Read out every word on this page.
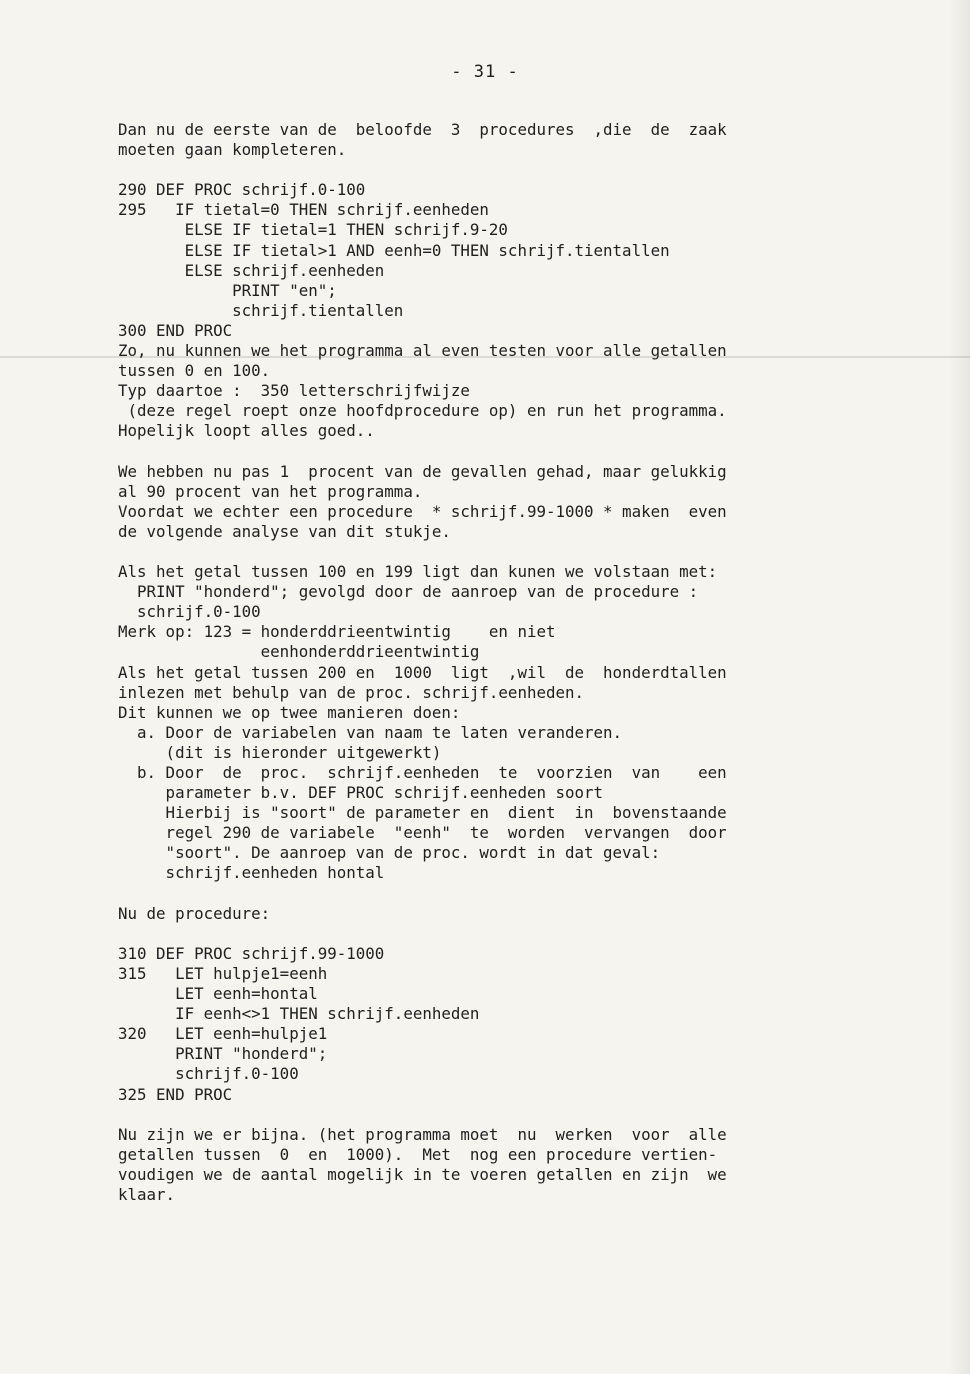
- 31 -
Dan nu de eerste van de  beloofde  3  procedures  ,die  de  zaak
moeten gaan kompleteren.
290 DEF PROC schrijf.0-100
295   IF tietal=0 THEN schrijf.eenheden
ELSE IF tietal=1 THEN schrijf.9-20
ELSE IF tietal>1 AND eenh=0 THEN schrijf.tientallen
ELSE schrijf.eenheden
PRINT "en";
schrijf.tientallen
300 END PROC
Zo, nu kunnen we het programma al even testen voor alle getallen
tussen 0 en 100.
Typ daartoe :  350 letterschrijfwijze
(deze regel roept onze hoofdprocedure op) en run het programma.
Hopelijk loopt alles goed..
We hebben nu pas 1  procent van de gevallen gehad, maar gelukkig
al 90 procent van het programma.
Voordat we echter een procedure  * schrijf.99-1000 * maken  even
de volgende analyse van dit stukje.
Als het getal tussen 100 en 199 ligt dan kunen we volstaan met:
PRINT "honderd"; gevolgd door de aanroep van de procedure :
schrijf.0-100
Merk op: 123 = honderddrieentwintig    en niet
eenhonderddrieentwintig
Als het getal tussen 200 en  1000  ligt  ,wil  de  honderdtallen
inlezen met behulp van de proc. schrijf.eenheden.
Dit kunnen we op twee manieren doen:
a. Door de variabelen van naam te laten veranderen.
(dit is hieronder uitgewerkt)
b. Door  de  proc.  schrijf.eenheden  te  voorzien  van    een
parameter b.v. DEF PROC schrijf.eenheden soort
Hierbij is "soort" de parameter en  dient  in  bovenstaande
regel 290 de variabele  "eenh"  te  worden  vervangen  door
"soort". De aanroep van de proc. wordt in dat geval:
schrijf.eenheden hontal
Nu de procedure:
310 DEF PROC schrijf.99-1000
315   LET hulpje1=eenh
LET eenh=hontal
IF eenh<>1 THEN schrijf.eenheden
320   LET eenh=hulpje1
PRINT "honderd";
schrijf.0-100
325 END PROC
Nu zijn we er bijna. (het programma moet  nu  werken  voor  alle
getallen tussen  0  en  1000).  Met  nog een procedure vertien-
voudigen we de aantal mogelijk in te voeren getallen en zijn  we
klaar.
